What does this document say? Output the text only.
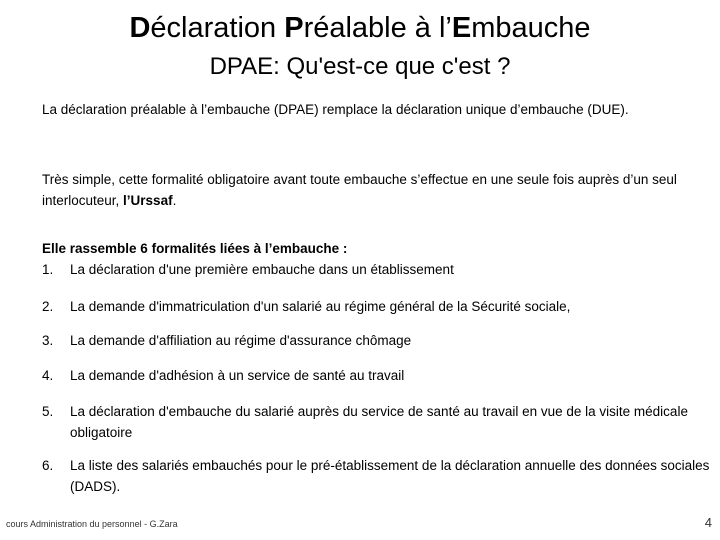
Déclaration Préalable à l’Embauche
DPAE: Qu'est-ce que c'est ?
La déclaration préalable à l’embauche (DPAE) remplace la déclaration unique d’embauche (DUE).
Très simple, cette formalité obligatoire avant toute embauche s’effectue en une seule fois auprès d’un seul interlocuteur, l’Urssaf.
Elle rassemble 6 formalités liées à l’embauche :
1.	La déclaration d'une première embauche dans un établissement
2.	La demande d'immatriculation d'un salarié au régime général de la Sécurité sociale,
3.	La demande d'affiliation au régime d'assurance chômage
4.	La demande d'adhésion à un service de santé au travail
5.	La déclaration d'embauche du salarié auprès du service de santé au travail en vue de la visite médicale obligatoire
6.	La liste des salariés embauchés pour le pré-établissement de la déclaration annuelle des données sociales (DADS).
cours Administration du personnel - G.Zara	4
